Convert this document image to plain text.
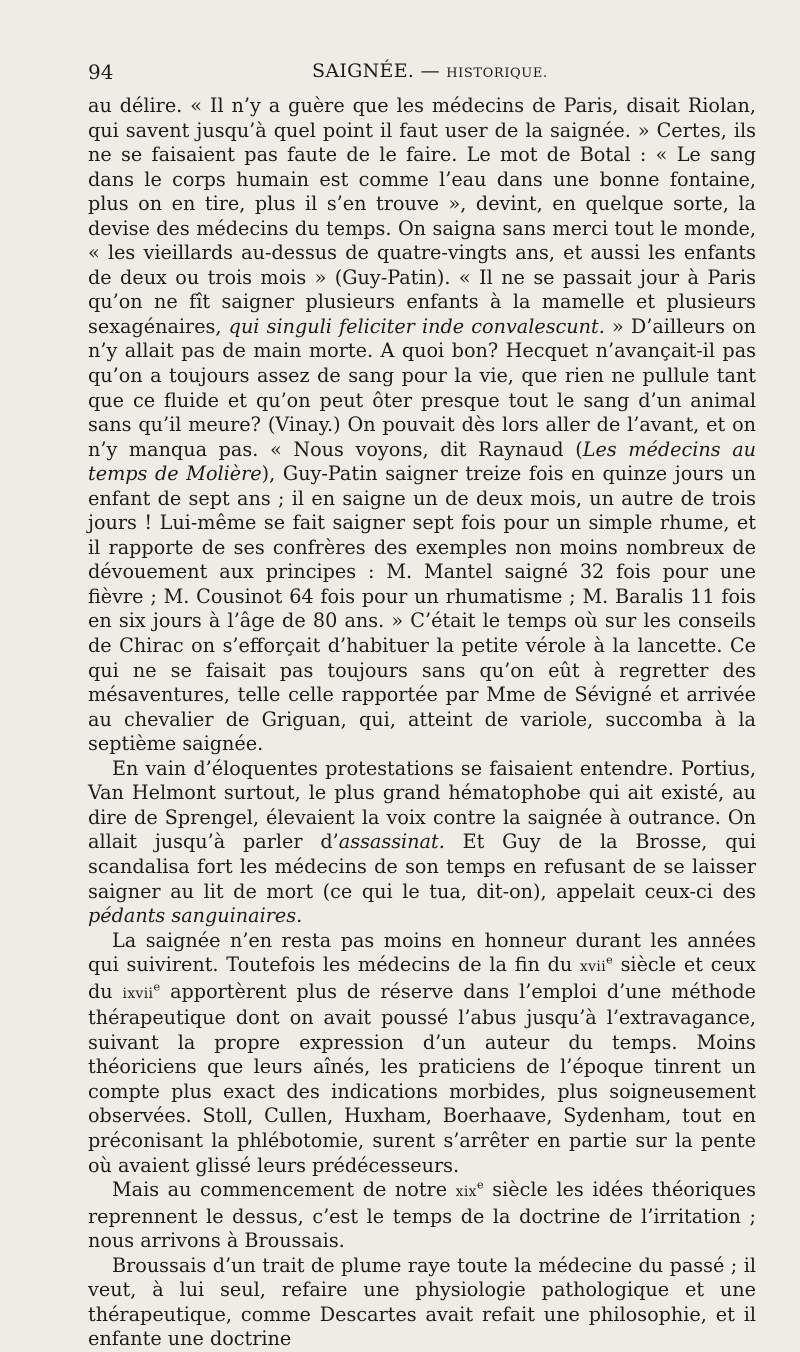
94	SAIGNÉE. — HISTORIQUE.

au délire. « Il n’y a guère que les médecins de Paris, disait Riolan, qui savent jusqu’à quel point il faut user de la saignée. » Certes, ils ne se faisaient pas faute de le faire. Le mot de Botal : « Le sang dans le corps humain est comme l’eau dans une bonne fontaine, plus on en tire, plus il s’en trouve », devint, en quelque sorte, la devise des médecins du temps. On saigna sans merci tout le monde, « les vieillards au-dessus de quatre-vingts ans, et aussi les enfants de deux ou trois mois » (Guy-Patin). « Il ne se passait jour à Paris qu’on ne fît saigner plusieurs enfants à la mamelle et plusieurs sexagénaires, qui singuli feliciter inde convalescunt. » D’ailleurs on n’y allait pas de main morte. A quoi bon? Hecquet n’avançait-il pas qu’on a toujours assez de sang pour la vie, que rien ne pullule tant que ce fluide et qu’on peut ôter presque tout le sang d’un animal sans qu’il meure? (Vinay.) On pouvait dès lors aller de l’avant, et on n’y manqua pas. « Nous voyons, dit Raynaud (Les médecins au temps de Molière), Guy-Patin saigner treize fois en quinze jours un enfant de sept ans ; il en saigne un de deux mois, un autre de trois jours ! Lui-même se fait saigner sept fois pour un simple rhume, et il rapporte de ses confrères des exemples non moins nombreux de dévouement aux principes : M. Mantel saigné 32 fois pour une fièvre ; M. Cousinot 64 fois pour un rhumatisme ; M. Baralis 11 fois en six jours à l’âge de 80 ans. » C’était le temps où sur les conseils de Chirac on s’efforçait d’habituer la petite vérole à la lancette. Ce qui ne se faisait pas toujours sans qu’on eût à regretter des mésaventures, telle celle rapportée par Mme de Sévigné et arrivée au chevalier de Griguan, qui, atteint de variole, succomba à la septième saignée.

En vain d’éloquentes protestations se faisaient entendre. Portius, Van Helmont surtout, le plus grand hématophobe qui ait existé, au dire de Sprengel, élevaient la voix contre la saignée à outrance. On allait jusqu’à parler d’assassinat. Et Guy de la Brosse, qui scandalisa fort les médecins de son temps en refusant de se laisser saigner au lit de mort (ce qui le tua, dit-on), appelait ceux-ci des pédants sanguinaires.

La saignée n’en resta pas moins en honneur durant les années qui suivirent. Toutefois les médecins de la fin du xvii$^e$ siècle et ceux du ixvii$^e$ apportèrent plus de réserve dans l’emploi d’une méthode thérapeutique dont on avait poussé l’abus jusqu’à l’extravagance, suivant la propre expression d’un auteur du temps. Moins théoriciens que leurs aînés, les praticiens de l’époque tinrent un compte plus exact des indications morbides, plus soigneusement observées. Stoll, Cullen, Huxham, Boerhaave, Sydenham, tout en préconisant la phlébotomie, surent s’arrêter en partie sur la pente où avaient glissé leurs prédécesseurs.

Mais au commencement de notre xix$^e$ siècle les idées théoriques reprennent le dessus, c’est le temps de la doctrine de l’irritation ; nous arrivons à Broussais.

Broussais d’un trait de plume raye toute la médecine du passé ; il veut, à lui seul, refaire une physiologie pathologique et une thérapeutique, comme Descartes avait refait une philosophie, et il enfante une doctrine
